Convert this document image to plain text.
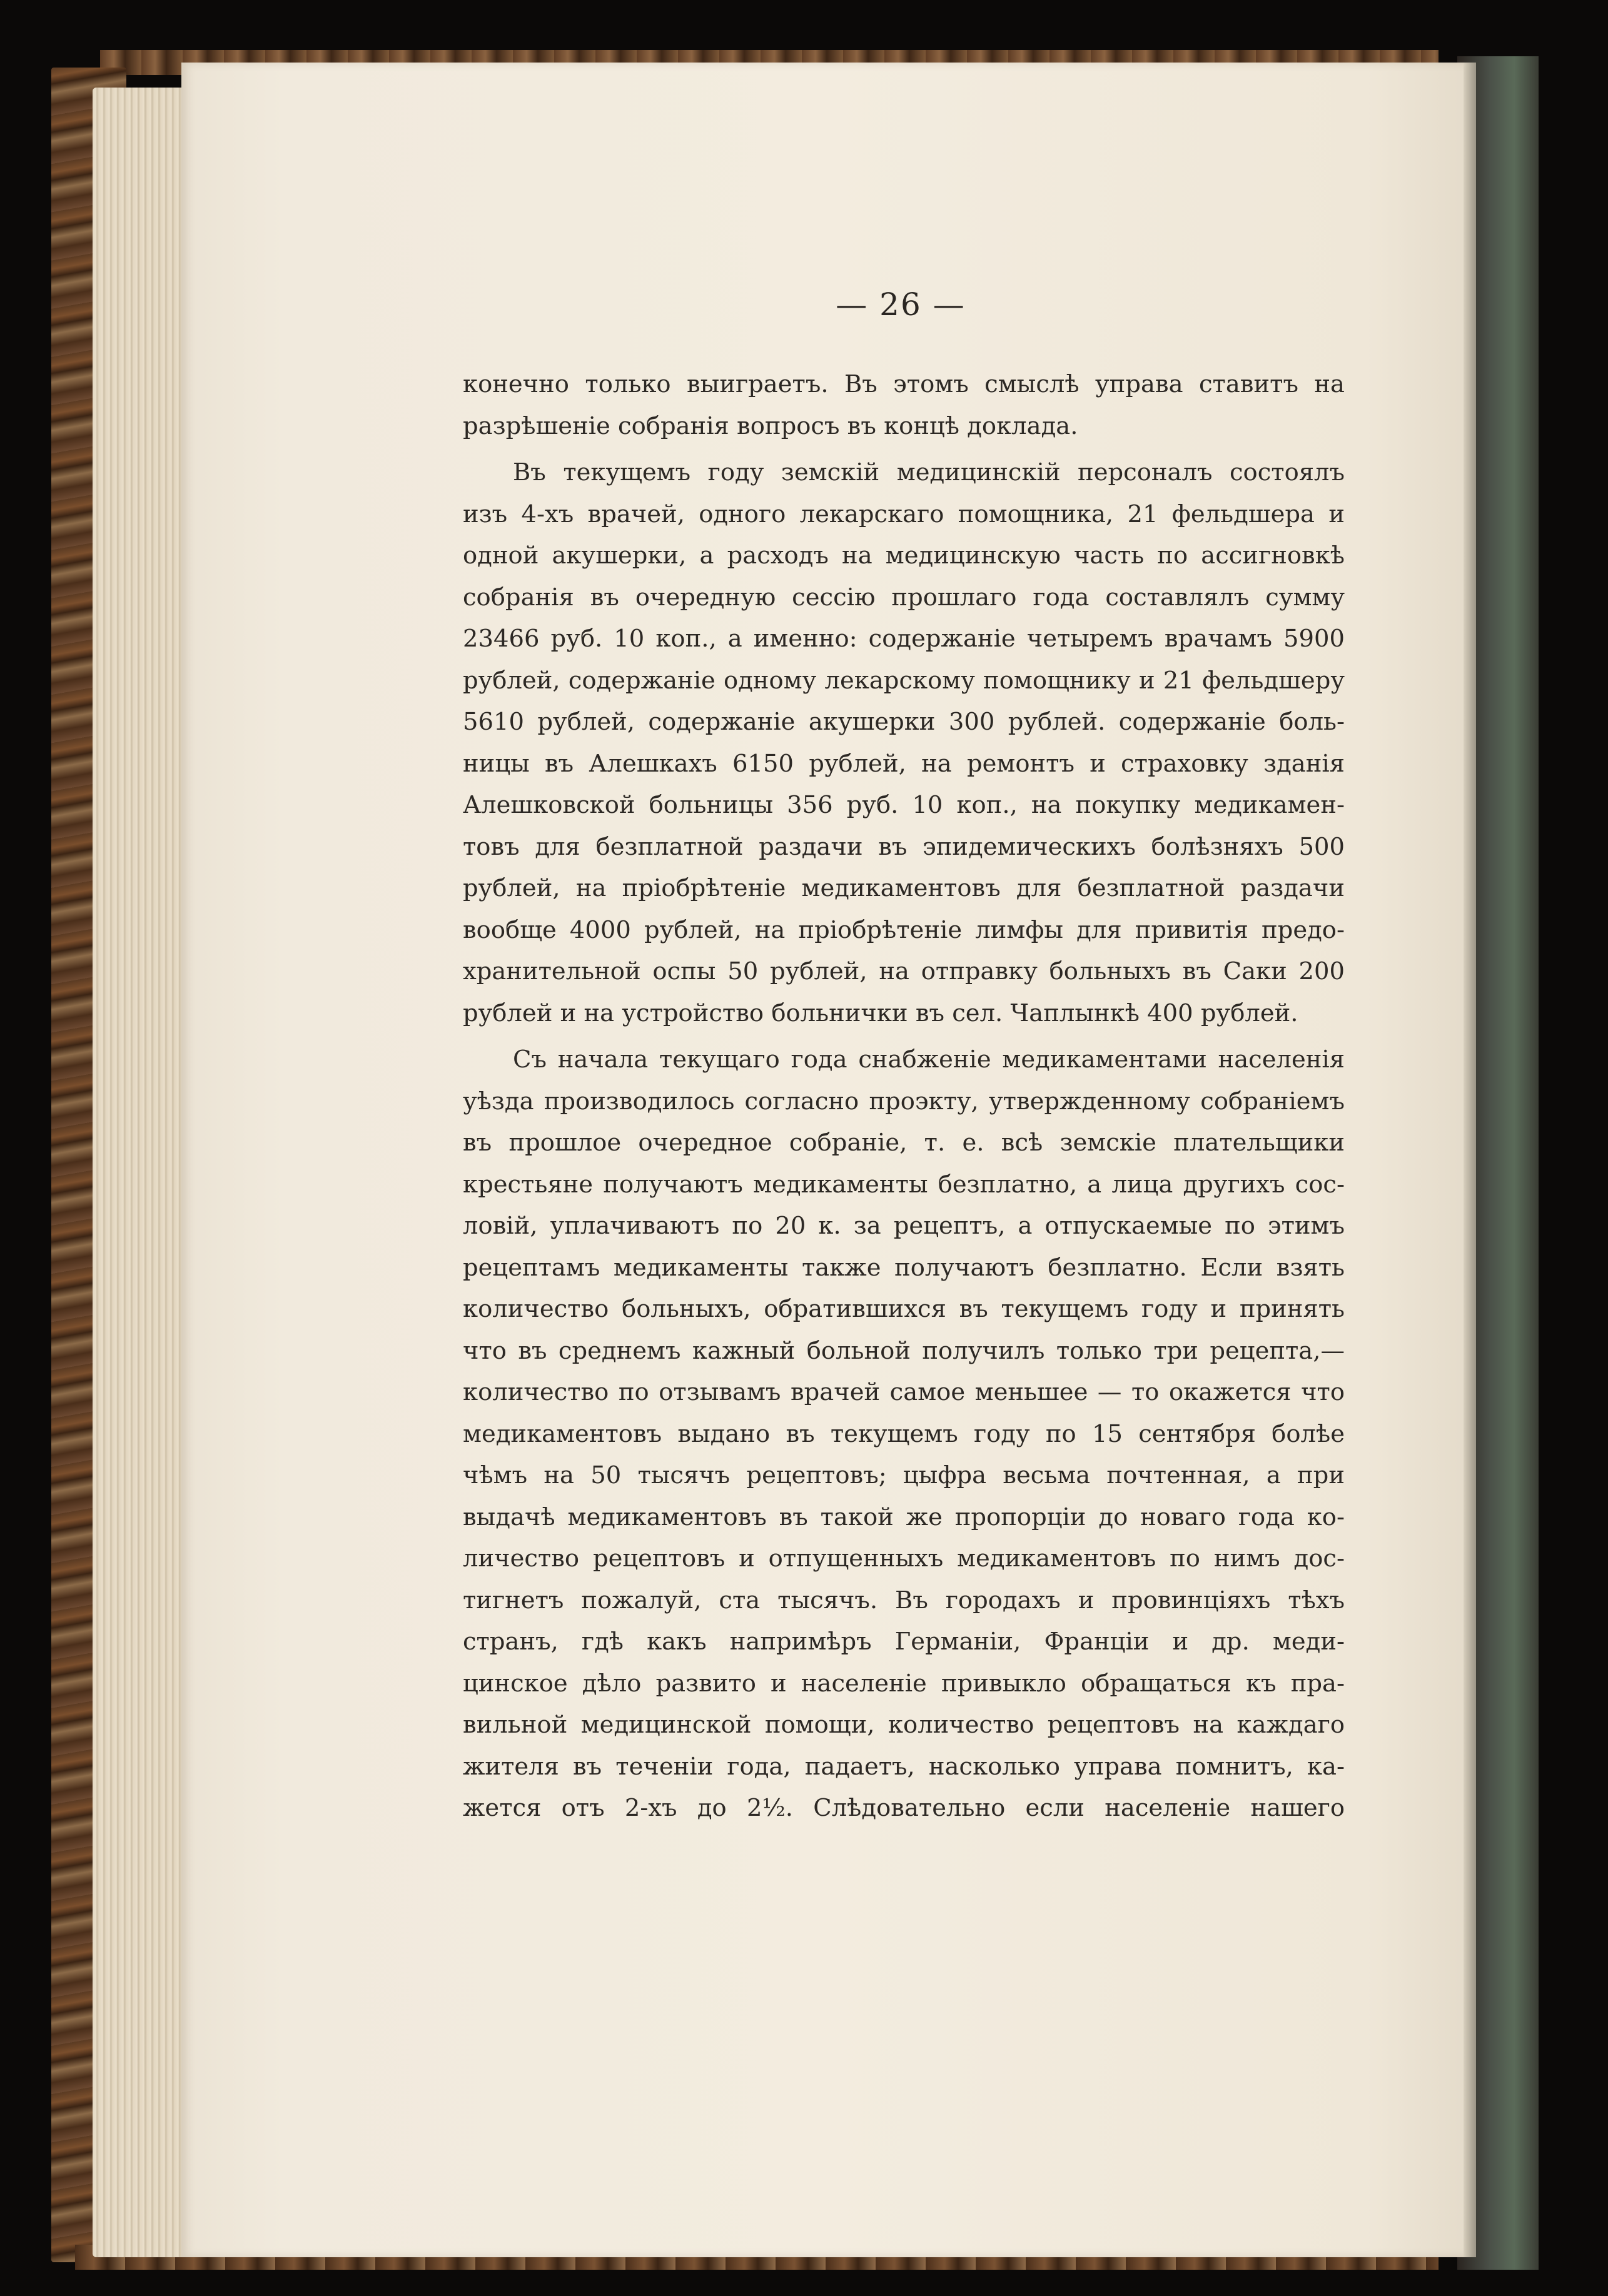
— 26 —
конечно только выиграетъ. Въ этомъ смыслѣ управа ставитъ на
разрѣшеніе собранія вопросъ въ концѣ доклада.
Въ текущемъ году земскій медицинскій персоналъ состоялъ
изъ 4-хъ врачей, одного лекарскаго помощника, 21 фельдшера и
одной акушерки, а расходъ на медицинскую часть по ассигновкѣ
собранія въ очередную сессію прошлаго года составлялъ сумму
23466 руб. 10 коп., а именно: содержаніе четыремъ врачамъ 5900
рублей, содержаніе одному лекарскому помощнику и 21 фельдшеру
5610 рублей, содержаніе акушерки 300 рублей. содержаніе боль-
ницы въ Алешкахъ 6150 рублей, на ремонтъ и страховку зданія
Алешковской больницы 356 руб. 10 коп., на покупку медикамен-
товъ для безплатной раздачи въ эпидемическихъ болѣзняхъ 500
рублей, на пріобрѣтеніе медикаментовъ для безплатной раздачи
вообще 4000 рублей, на пріобрѣтеніе лимфы для привитія предо-
хранительной оспы 50 рублей, на отправку больныхъ въ Саки 200
рублей и на устройство больнички въ сел. Чаплынкѣ 400 рублей.
Съ начала текущаго года снабженіе медикаментами населенія
уѣзда производилось согласно проэкту, утвержденному собраніемъ
въ прошлое очередное собраніе, т. е. всѣ земскіе плательщики
крестьяне получаютъ медикаменты безплатно, а лица другихъ сос-
ловій, уплачиваютъ по 20 к. за рецептъ, а отпускаемые по этимъ
рецептамъ медикаменты также получаютъ безплатно. Если взять
количество больныхъ, обратившихся въ текущемъ году и принять
что въ среднемъ кажный больной получилъ только три рецепта,—
количество по отзывамъ врачей самое меньшее — то окажется что
медикаментовъ выдано въ текущемъ году по 15 сентября болѣе
чѣмъ на 50 тысячъ рецептовъ; цыфра весьма почтенная, а при
выдачѣ медикаментовъ въ такой же пропорціи до новаго года ко-
личество рецептовъ и отпущенныхъ медикаментовъ по нимъ дос-
тигнетъ пожалуй, ста тысячъ. Въ городахъ и провинціяхъ тѣхъ
странъ, гдѣ какъ напримѣръ Германіи, Франціи и др. меди-
цинское дѣло развито и населеніе привыкло обращаться къ пра-
вильной медицинской помощи, количество рецептовъ на каждаго
жителя въ теченіи года, падаетъ, насколько управа помнитъ, ка-
жется отъ 2-хъ до 2½. Слѣдовательно если населеніе нашего
